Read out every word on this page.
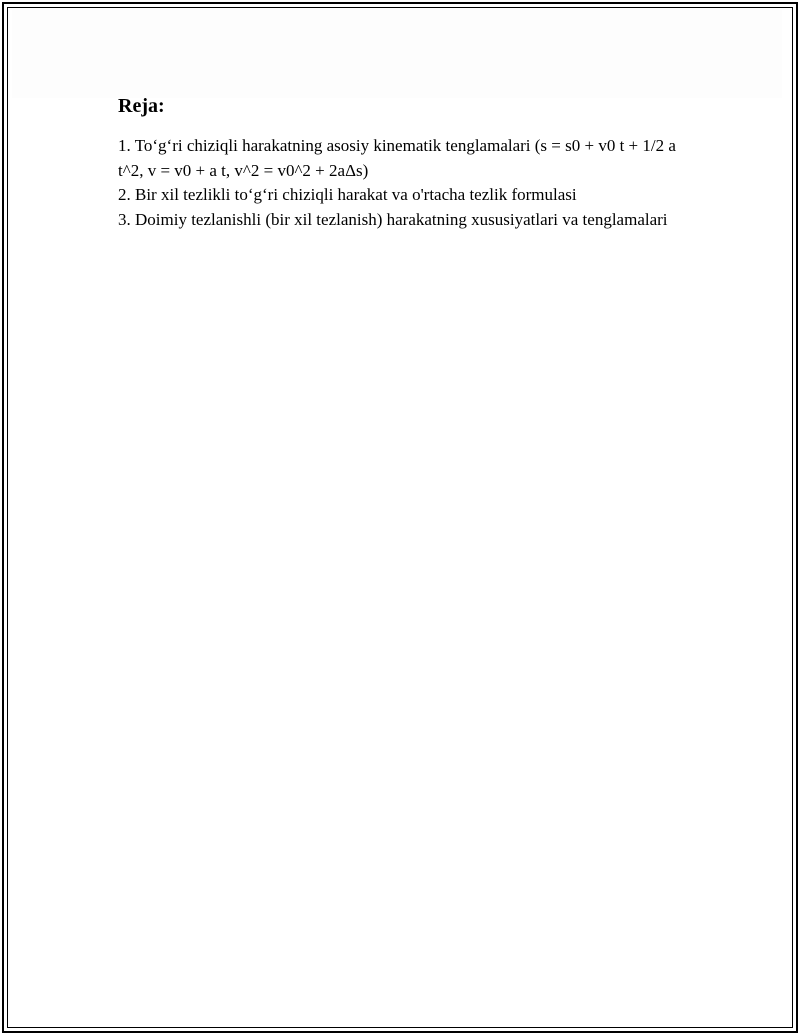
Reja:
1. To‘g‘ri chiziqli harakatning asosiy kinematik tenglamalari (s = s0 + v0 t + 1/2 a t^2, v = v0 + a t, v^2 = v0^2 + 2aΔs)
2. Bir xil tezlikli to‘g‘ri chiziqli harakat va o'rtacha tezlik formulasi
3. Doimiy tezlanishli (bir xil tezlanish) harakatning xususiyatlari va tenglamalari
